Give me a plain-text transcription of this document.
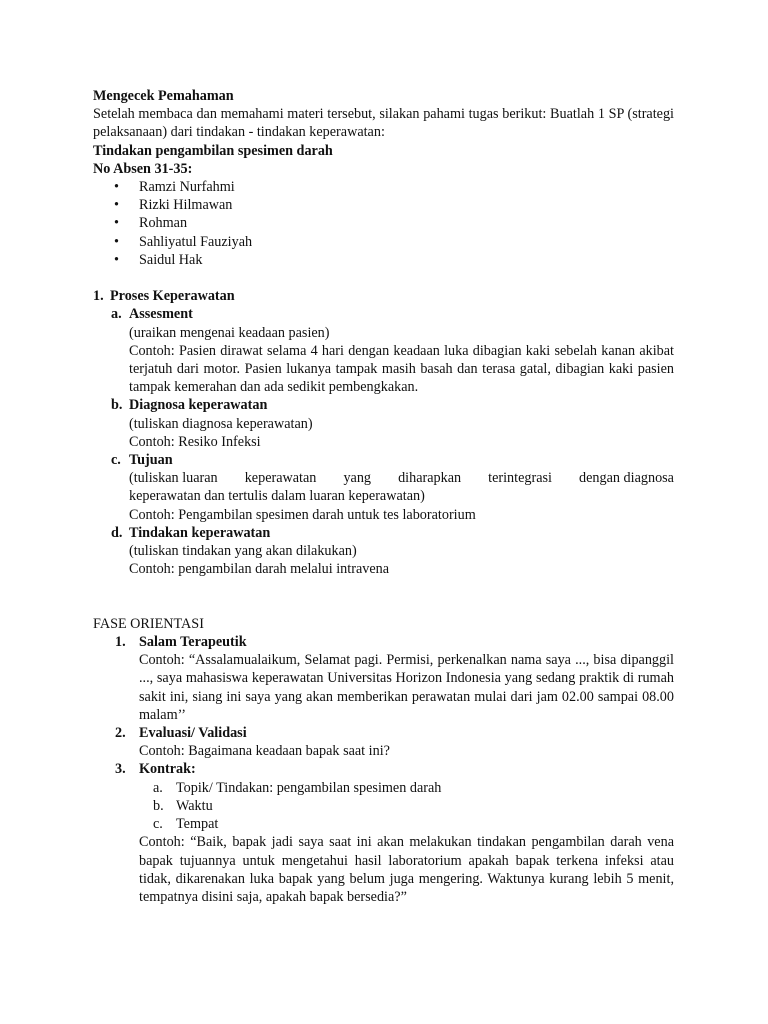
Mengecek Pemahaman
Setelah membaca dan memahami materi tersebut, silakan pahami tugas berikut: Buatlah 1 SP (strategi pelaksanaan) dari tindakan - tindakan keperawatan:
Tindakan pengambilan spesimen darah
No Absen 31-35:
• Ramzi Nurfahmi
• Rizki Hilmawan
• Rohman
• Sahliyatul Fauziyah
• Saidul Hak
1. Proses Keperawatan
a. Assesment
(uraikan mengenai keadaan pasien)
Contoh: Pasien dirawat selama 4 hari dengan keadaan luka dibagian kaki sebelah kanan akibat terjatuh dari motor. Pasien lukanya tampak masih basah dan terasa gatal, dibagian kaki pasien tampak kemerahan dan ada sedikit pembengkakan.
b. Diagnosa keperawatan
(tuliskan diagnosa keperawatan)
Contoh: Resiko Infeksi
c. Tujuan
(tuliskan luaran keperawatan yang diharapkan terintegrasi dengan diagnosa
keperawatan dan tertulis dalam luaran keperawatan)
Contoh: Pengambilan spesimen darah untuk tes laboratorium
d. Tindakan keperawatan
(tuliskan tindakan yang akan dilakukan)
Contoh: pengambilan darah melalui intravena
FASE ORIENTASI
1. Salam Terapeutik
Contoh: “Assalamualaikum, Selamat pagi. Permisi, perkenalkan nama saya ..., bisa dipanggil ..., saya mahasiswa keperawatan Universitas Horizon Indonesia yang sedang praktik di rumah sakit ini, siang ini saya yang akan memberikan perawatan mulai dari jam 02.00 sampai 08.00 malam’’
2. Evaluasi/ Validasi
Contoh: Bagaimana keadaan bapak saat ini?
3. Kontrak:
a. Topik/ Tindakan: pengambilan spesimen darah
b. Waktu
c. Tempat
Contoh: “Baik, bapak jadi saya saat ini akan melakukan tindakan pengambilan darah vena bapak tujuannya untuk mengetahui hasil laboratorium apakah bapak terkena infeksi atau tidak, dikarenakan luka bapak yang belum juga mengering. Waktunya kurang lebih 5 menit, tempatnya disini saja, apakah bapak bersedia?”
